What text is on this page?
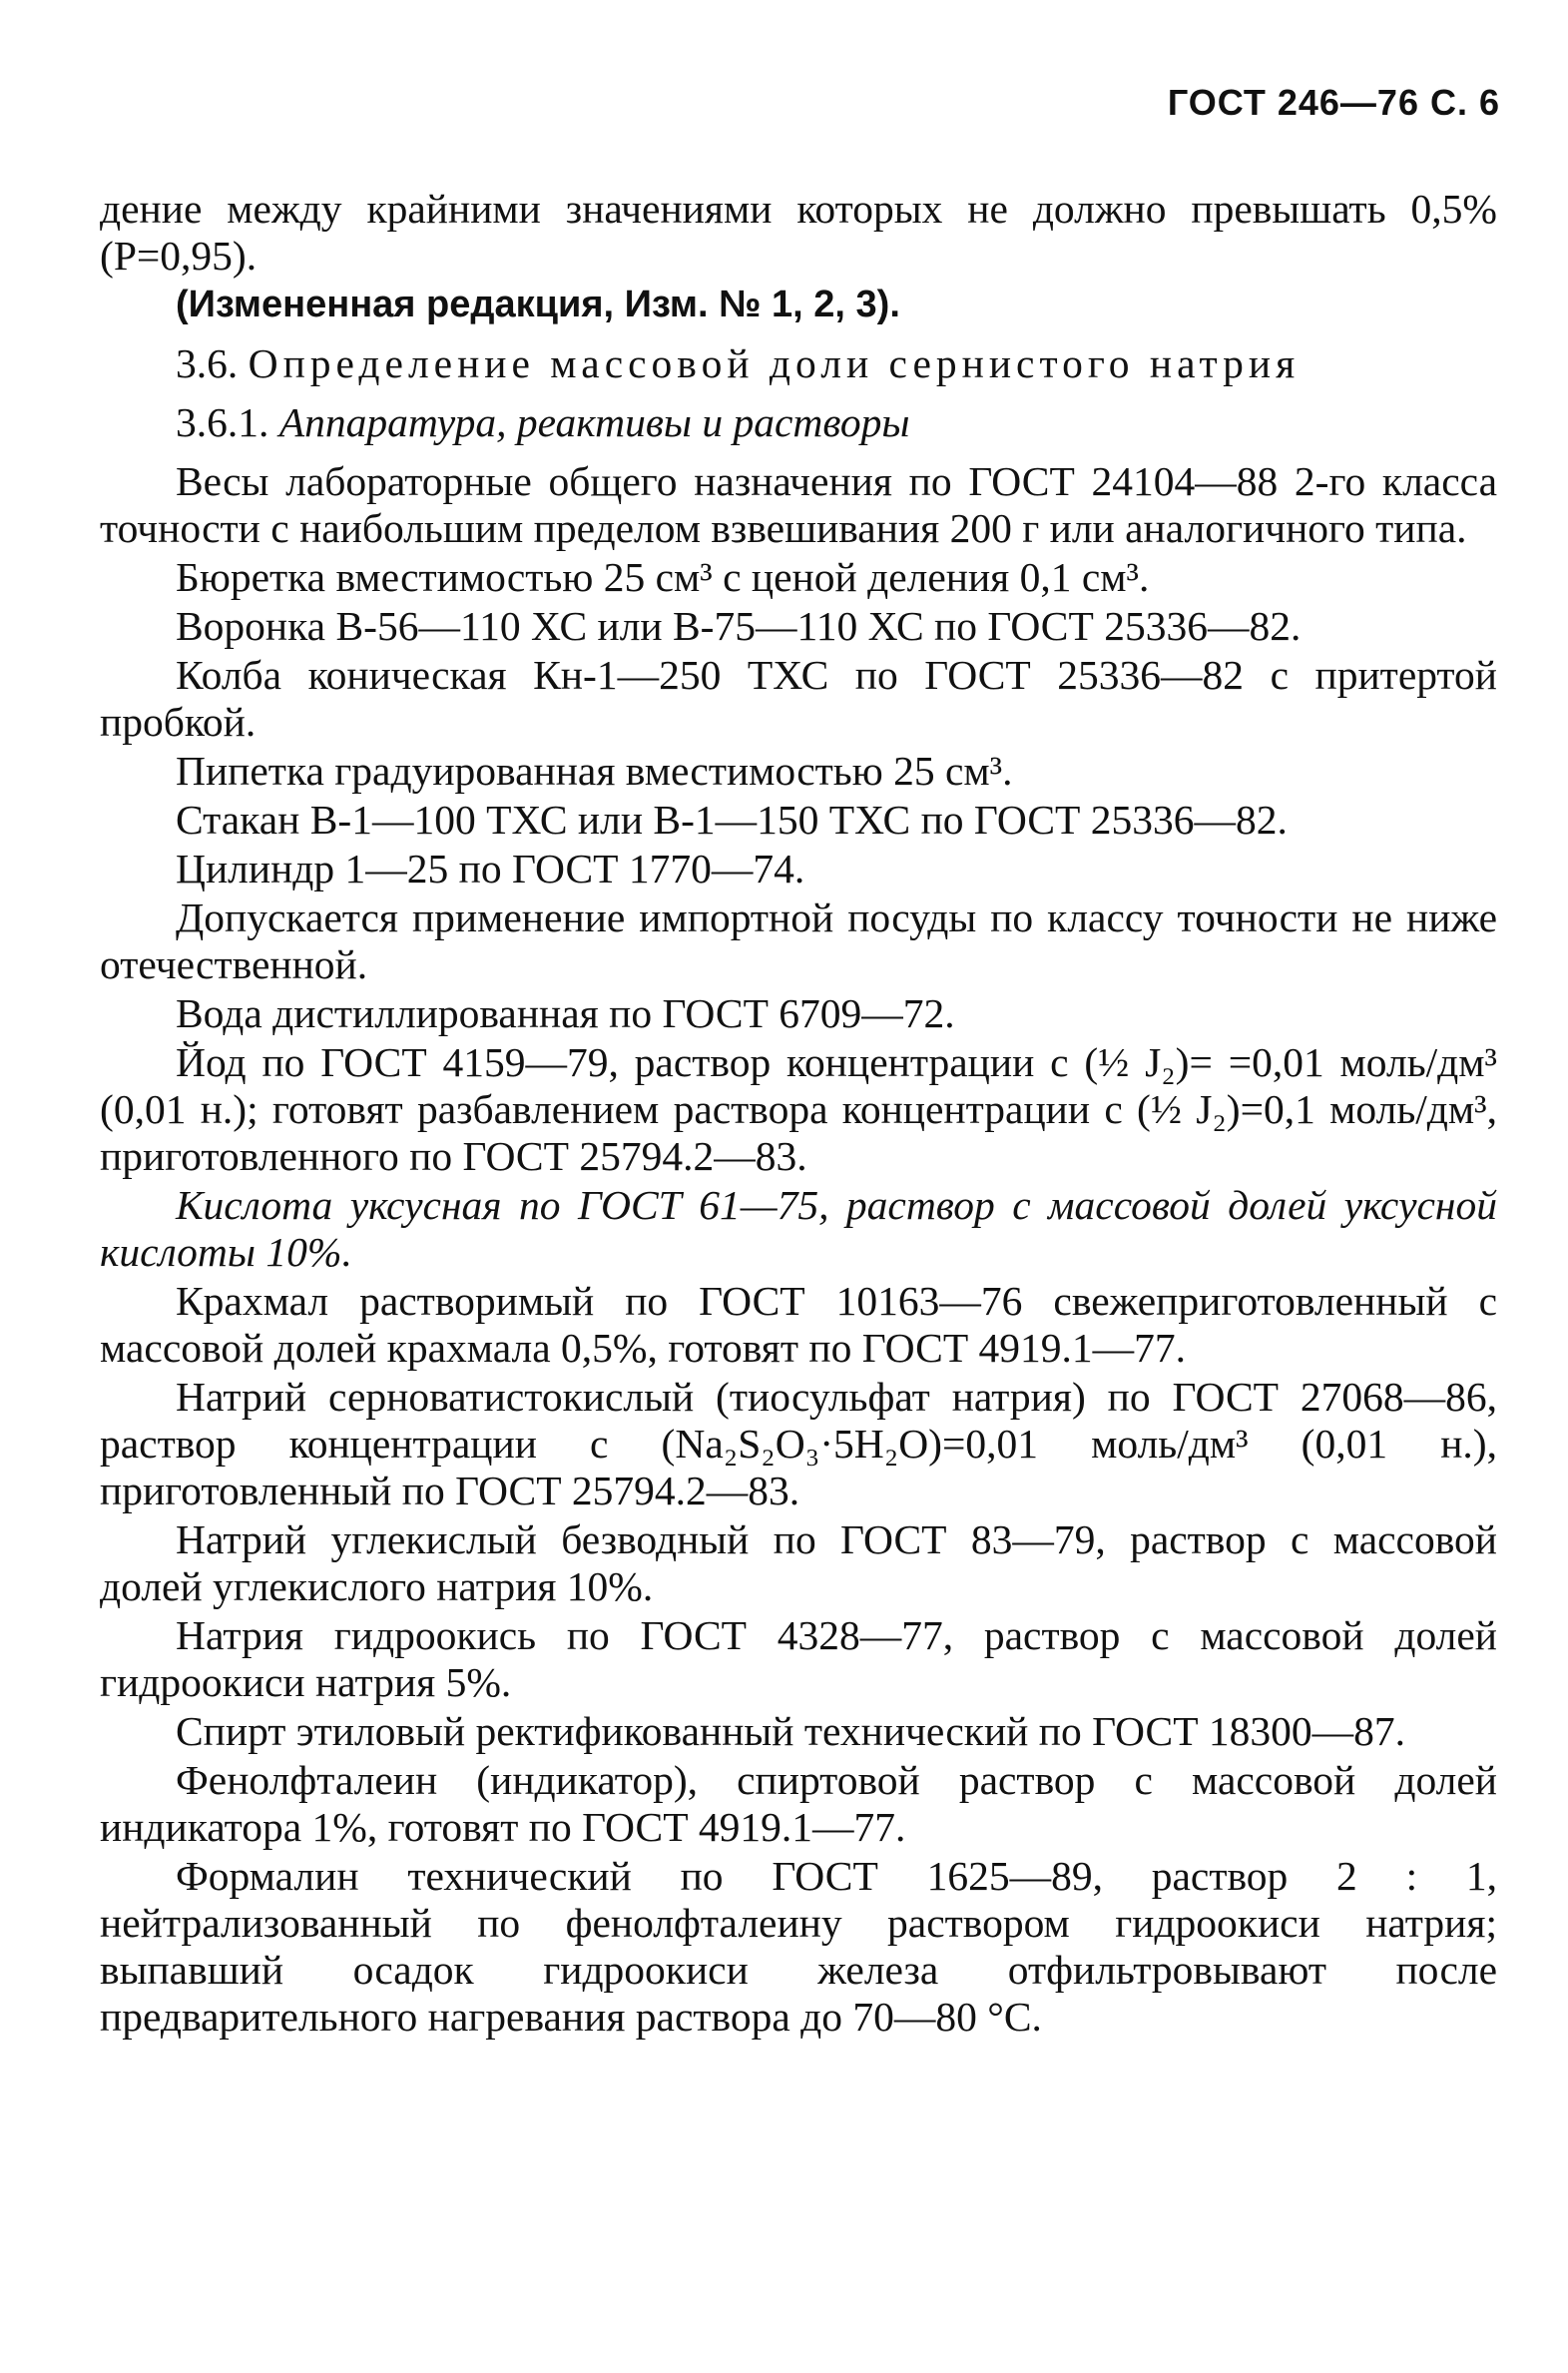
ГОСТ 246—76 С. 6

дение между крайними значениями которых не должно превышать 0,5% (P=0,95).

(Измененная редакция, Изм. № 1, 2, 3).

3.6. Определение массовой доли сернистого натрия

3.6.1. Аппаратура, реактивы и растворы

Весы лабораторные общего назначения по ГОСТ 24104—88 2-го класса точности с наибольшим пределом взвешивания 200 г или аналогичного типа.

Бюретка вместимостью 25 см³ с ценой деления 0,1 см³.

Воронка В-56—110 ХС или В-75—110 ХС по ГОСТ 25336—82.

Колба коническая Кн-1—250 ТХС по ГОСТ 25336—82 с притертой пробкой.

Пипетка градуированная вместимостью 25 см³.

Стакан В-1—100 ТХС или В-1—150 ТХС по ГОСТ 25336—82.

Цилиндр 1—25 по ГОСТ 1770—74.

Допускается применение импортной посуды по классу точности не ниже отечественной.

Вода дистиллированная по ГОСТ 6709—72.

Йод по ГОСТ 4159—79, раствор концентрации c (½ J₂)= =0,01 моль/дм³ (0,01 н.); готовят разбавлением раствора концентрации c (½ J₂)=0,1 моль/дм³, приготовленного по ГОСТ 25794.2—83.

Кислота уксусная по ГОСТ 61—75, раствор с массовой долей уксусной кислоты 10%.

Крахмал растворимый по ГОСТ 10163—76 свежеприготовленный с массовой долей крахмала 0,5%, готовят по ГОСТ 4919.1—77.

Натрий серноватистокислый (тиосульфат натрия) по ГОСТ 27068—86, раствор концентрации c (Na₂S₂O₃·5H₂O)=0,01 моль/дм³ (0,01 н.), приготовленный по ГОСТ 25794.2—83.

Натрий углекислый безводный по ГОСТ 83—79, раствор с массовой долей углекислого натрия 10%.

Натрия гидроокись по ГОСТ 4328—77, раствор с массовой долей гидроокиси натрия 5%.

Спирт этиловый ректификованный технический по ГОСТ 18300—87.

Фенолфталеин (индикатор), спиртовой раствор с массовой долей индикатора 1%, готовят по ГОСТ 4919.1—77.

Формалин технический по ГОСТ 1625—89, раствор 2 : 1, нейтрализованный по фенолфталеину раствором гидроокиси натрия; выпавший осадок гидроокиси железа отфильтровывают после предварительного нагревания раствора до 70—80 °С.
